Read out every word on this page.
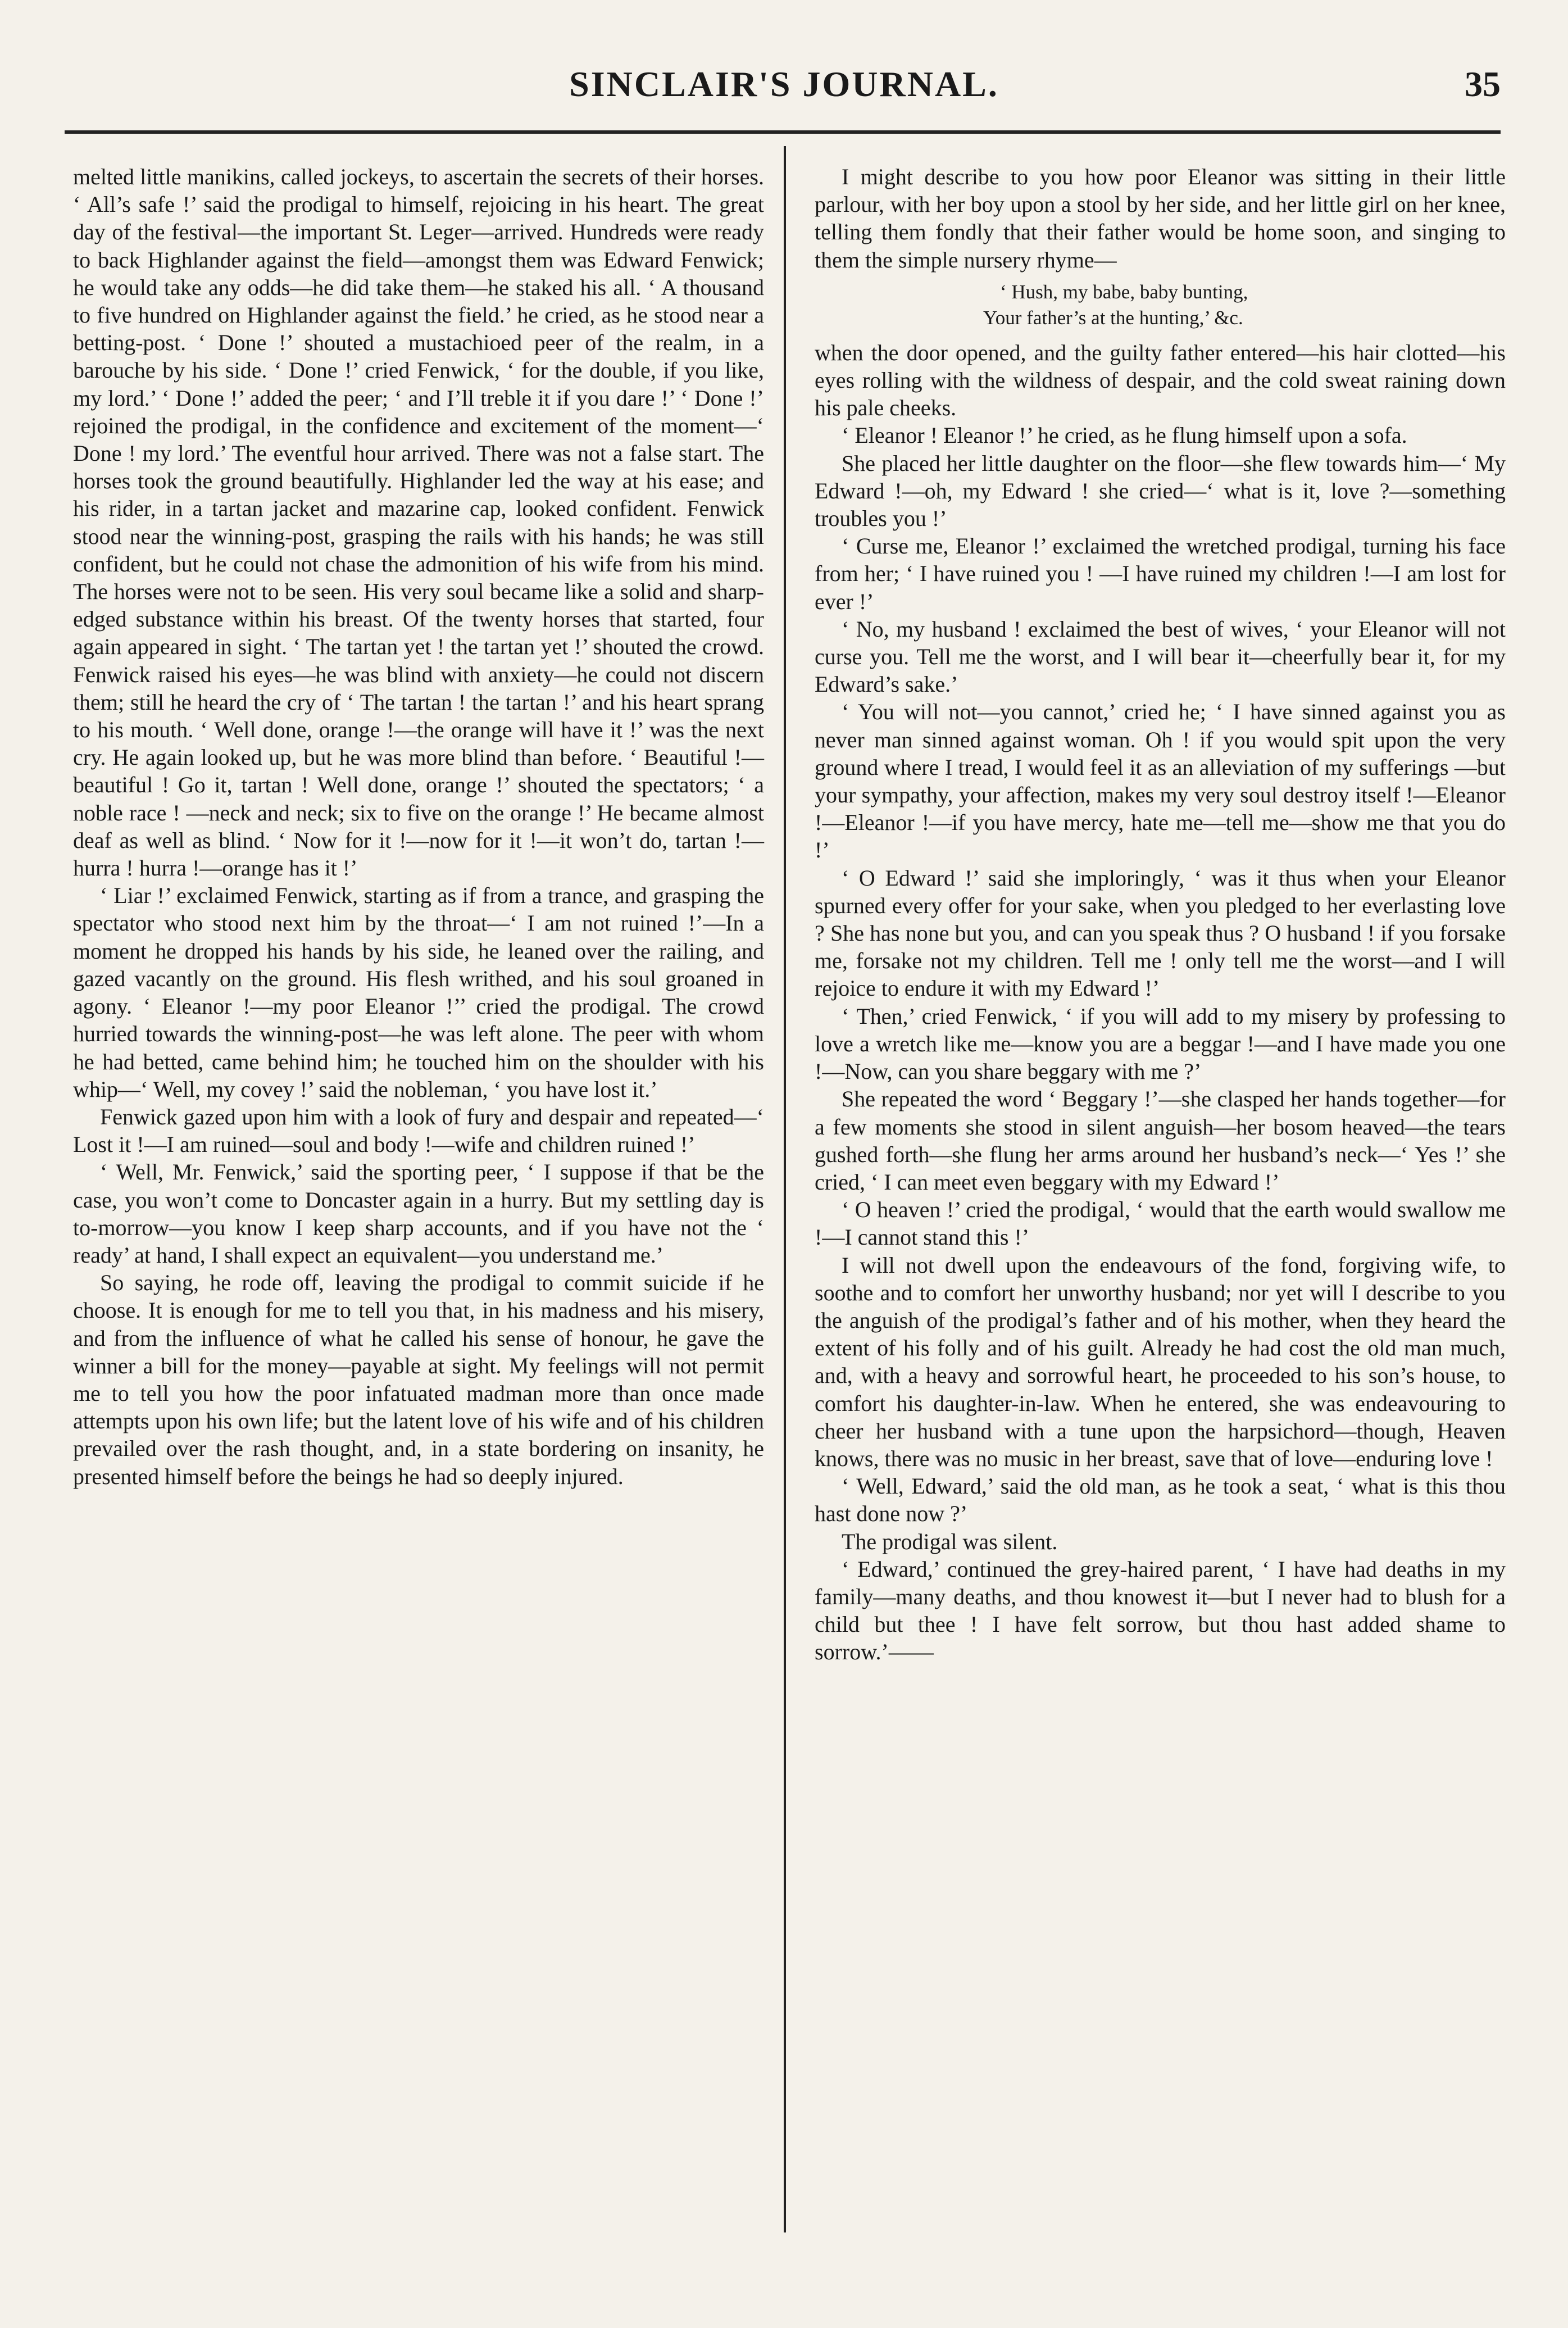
SINCLAIR'S JOURNAL.	35

melted little manikins, called jockeys, to ascertain the secrets of their horses. ‘ All’s safe !’ said the prodigal to himself, rejoicing in his heart. The great day of the festival—the important St. Leger—arrived. Hundreds were ready to back Highlander against the field—amongst them was Edward Fenwick; he would take any odds—he did take them—he staked his all. ‘ A thousand to five hundred on Highlander against the field.’ he cried, as he stood near a betting-post. ‘ Done !’ shouted a mustachioed peer of the realm, in a barouche by his side. ‘ Done !’ cried Fenwick, ‘ for the double, if you like, my lord.’ ‘ Done !’ added the peer; ‘ and I’ll treble it if you dare !’ ‘ Done !’ rejoined the prodigal, in the confidence and excitement of the moment—‘ Done ! my lord.’ The eventful hour arrived. There was not a false start. The horses took the ground beautifully. Highlander led the way at his ease; and his rider, in a tartan jacket and mazarine cap, looked confident. Fenwick stood near the winning-post, grasping the rails with his hands; he was still confident, but he could not chase the admonition of his wife from his mind. The horses were not to be seen. His very soul became like a solid and sharp-edged substance within his breast. Of the twenty horses that started, four again appeared in sight. ‘ The tartan yet ! the tartan yet !’ shouted the crowd. Fenwick raised his eyes—he was blind with anxiety—he could not discern them; still he heard the cry of ‘ The tartan ! the tartan !’ and his heart sprang to his mouth. ‘ Well done, orange !—the orange will have it !’ was the next cry. He again looked up, but he was more blind than before. ‘ Beautiful !—beautiful ! Go it, tartan ! Well done, orange !’ shouted the spectators; ‘ a noble race ! —neck and neck; six to five on the orange !’ He became almost deaf as well as blind. ‘ Now for it !—now for it !—it won’t do, tartan !—hurra ! hurra !—orange has it !’

‘ Liar !’ exclaimed Fenwick, starting as if from a trance, and grasping the spectator who stood next him by the throat—‘ I am not ruined !’—In a moment he dropped his hands by his side, he leaned over the railing, and gazed vacantly on the ground. His flesh writhed, and his soul groaned in agony. ‘ Eleanor !—my poor Eleanor !’’ cried the prodigal. The crowd hurried towards the winning-post—he was left alone. The peer with whom he had betted, came behind him; he touched him on the shoulder with his whip—‘ Well, my covey !’ said the nobleman, ‘ you have lost it.’

Fenwick gazed upon him with a look of fury and despair and repeated—‘ Lost it !—I am ruined—soul and body !—wife and children ruined !’

‘ Well, Mr. Fenwick,’ said the sporting peer, ‘ I suppose if that be the case, you won’t come to Doncaster again in a hurry. But my settling day is to-morrow—you know I keep sharp accounts, and if you have not the ‘ ready’ at hand, I shall expect an equivalent—you understand me.’

So saying, he rode off, leaving the prodigal to commit suicide if he choose. It is enough for me to tell you that, in his madness and his misery, and from the influence of what he called his sense of honour, he gave the winner a bill for the money—payable at sight. My feelings will not permit me to tell you how the poor infatuated madman more than once made attempts upon his own life; but the latent love of his wife and of his children prevailed over the rash thought, and, in a state bordering on insanity, he presented himself before the beings he had so deeply injured.

I might describe to you how poor Eleanor was sitting in their little parlour, with her boy upon a stool by her side, and her little girl on her knee, telling them fondly that their father would be home soon, and singing to them the simple nursery rhyme—

‘ Hush, my babe, baby bunting,
Your father’s at the hunting,’ &c.

when the door opened, and the guilty father entered—his hair clotted—his eyes rolling with the wildness of despair, and the cold sweat raining down his pale cheeks.

‘ Eleanor ! Eleanor !’ he cried, as he flung himself upon a sofa.

She placed her little daughter on the floor—she flew towards him—‘ My Edward !—oh, my Edward ! she cried—‘ what is it, love ?—something troubles you !’

‘ Curse me, Eleanor !’ exclaimed the wretched prodigal, turning his face from her; ‘ I have ruined you ! —I have ruined my children !—I am lost for ever !’

‘ No, my husband ! exclaimed the best of wives, ‘ your Eleanor will not curse you. Tell me the worst, and I will bear it—cheerfully bear it, for my Edward’s sake.’

‘ You will not—you cannot,’ cried he; ‘ I have sinned against you as never man sinned against woman. Oh ! if you would spit upon the very ground where I tread, I would feel it as an alleviation of my sufferings —but your sympathy, your affection, makes my very soul destroy itself !—Eleanor !—Eleanor !—if you have mercy, hate me—tell me—show me that you do !’

‘ O Edward !’ said she imploringly, ‘ was it thus when your Eleanor spurned every offer for your sake, when you pledged to her everlasting love ? She has none but you, and can you speak thus ? O husband ! if you forsake me, forsake not my children. Tell me ! only tell me the worst—and I will rejoice to endure it with my Edward !’

‘ Then,’ cried Fenwick, ‘ if you will add to my misery by professing to love a wretch like me—know you are a beggar !—and I have made you one !—Now, can you share beggary with me ?’

She repeated the word ‘ Beggary !’—she clasped her hands together—for a few moments she stood in silent anguish—her bosom heaved—the tears gushed forth—she flung her arms around her husband’s neck—‘ Yes !’ she cried, ‘ I can meet even beggary with my Edward !’

‘ O heaven !’ cried the prodigal, ‘ would that the earth would swallow me !—I cannot stand this !’

I will not dwell upon the endeavours of the fond, forgiving wife, to soothe and to comfort her unworthy husband; nor yet will I describe to you the anguish of the prodigal’s father and of his mother, when they heard the extent of his folly and of his guilt. Already he had cost the old man much, and, with a heavy and sorrowful heart, he proceeded to his son’s house, to comfort his daughter-in-law. When he entered, she was endeavouring to cheer her husband with a tune upon the harpsichord—though, Heaven knows, there was no music in her breast, save that of love—enduring love !

‘ Well, Edward,’ said the old man, as he took a seat, ‘ what is this thou hast done now ?’

The prodigal was silent.

‘ Edward,’ continued the grey-haired parent, ‘ I have had deaths in my family—many deaths, and thou knowest it—but I never had to blush for a child but thee ! I have felt sorrow, but thou hast added shame to sorrow.’——
